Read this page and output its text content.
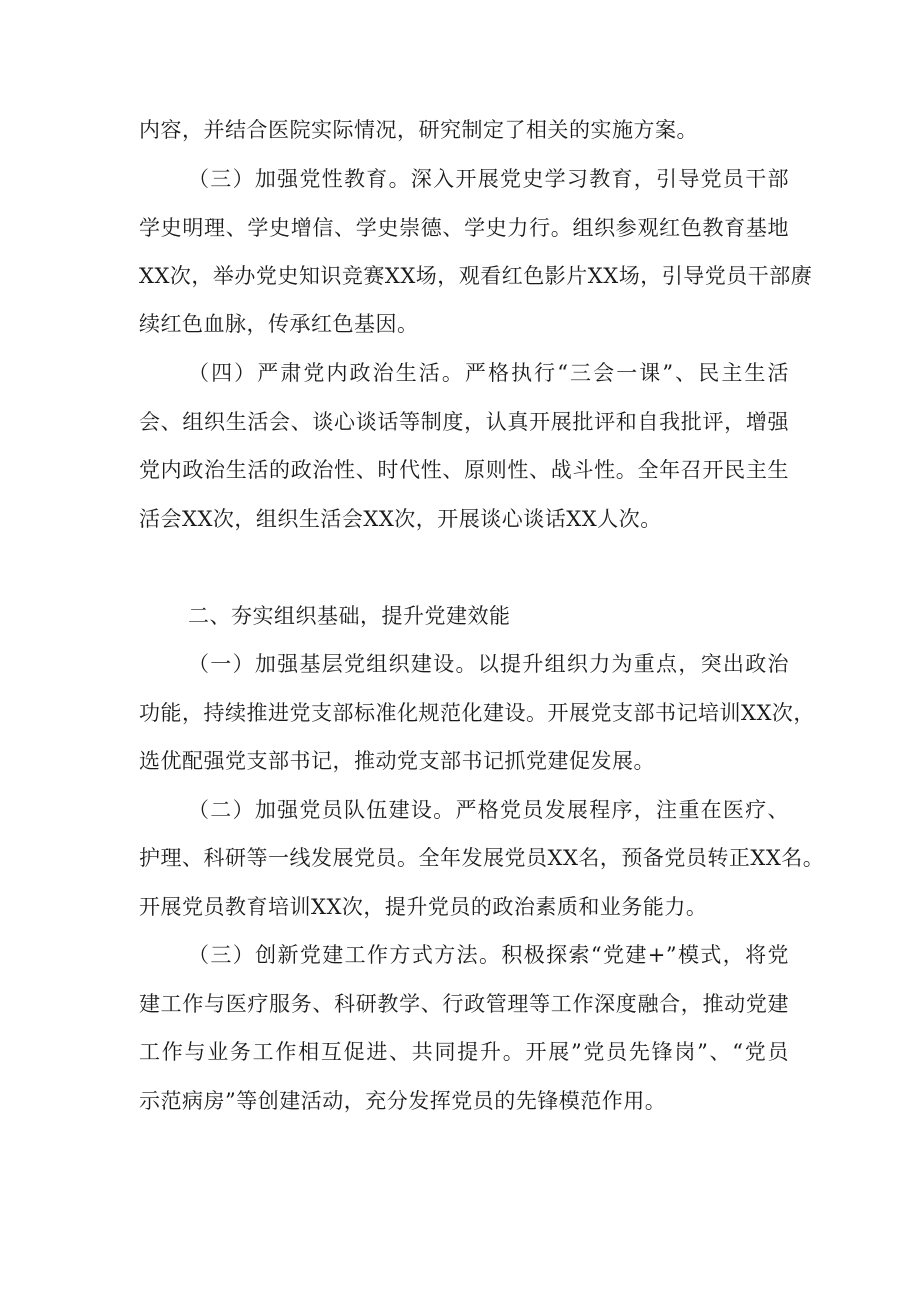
内容，并结合医院实际情况，研究制定了相关的实施方案。
（三）加强党性教育。深入开展党史学习教育，引导党员干部
学史明理、学史增信、学史崇德、学史力行。组织参观红色教育基地
XX次，举办党史知识竞赛XX场，观看红色影片XX场，引导党员干部赓
续红色血脉，传承红色基因。
（四）严肃党内政治生活。严格执行“三会一课”、民主生活
会、组织生活会、谈心谈话等制度，认真开展批评和自我批评，增强
党内政治生活的政治性、时代性、原则性、战斗性。全年召开民主生
活会XX次，组织生活会XX次，开展谈心谈话XX人次。
二、夯实组织基础，提升党建效能
（一）加强基层党组织建设。以提升组织力为重点，突出政治
功能，持续推进党支部标准化规范化建设。开展党支部书记培训XX次，
选优配强党支部书记，推动党支部书记抓党建促发展。
（二）加强党员队伍建设。严格党员发展程序，注重在医疗、
护理、科研等一线发展党员。全年发展党员XX名，预备党员转正XX名。
开展党员教育培训XX次，提升党员的政治素质和业务能力。
（三）创新党建工作方式方法。积极探索“党建+”模式，将党
建工作与医疗服务、科研教学、行政管理等工作深度融合，推动党建
工作与业务工作相互促进、共同提升。开展”党员先锋岗”、“党员
示范病房”等创建活动，充分发挥党员的先锋模范作用。
